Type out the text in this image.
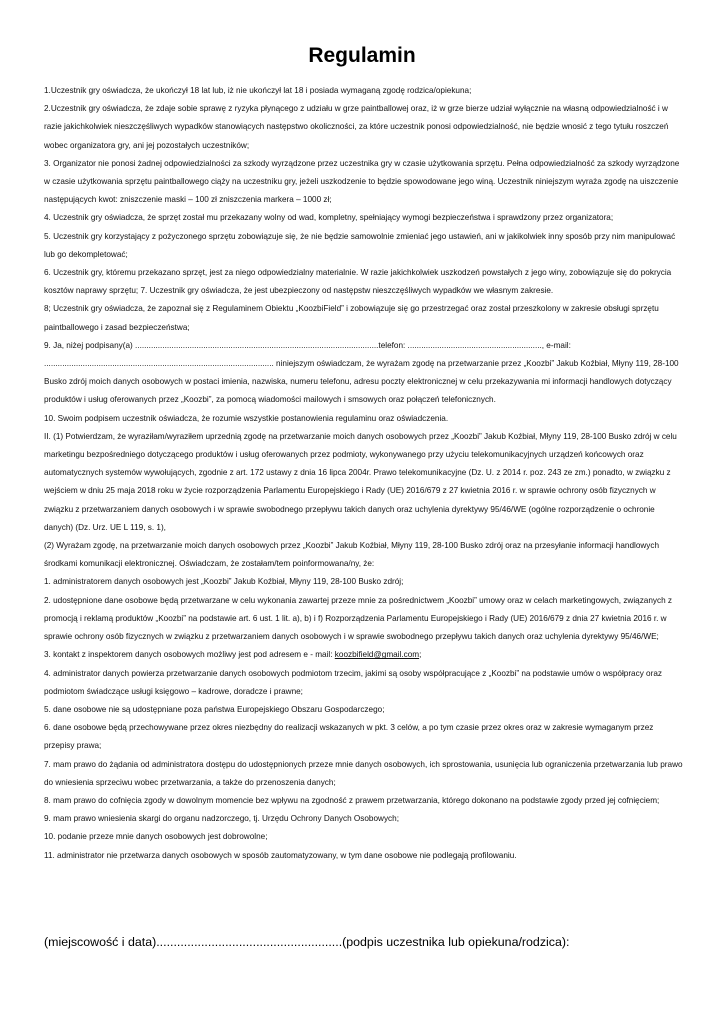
Regulamin

1.Uczestnik gry oświadcza, że ukończył 18 lat lub, iż nie ukończył lat 18 i posiada wymaganą zgodę rodzica/opiekuna;

2.Uczestnik gry oświadcza, że zdaje sobie sprawę z ryzyka płynącego z udziału w grze paintballowej oraz, iż w grze bierze udział wyłącznie na własną odpowiedzialność i w razie jakichkolwiek nieszczęśliwych wypadków stanowiących następstwo okoliczności, za które uczestnik ponosi odpowiedzialność, nie będzie wnosić z tego tytułu roszczeń wobec organizatora gry, ani jej pozostałych uczestników;

3. Organizator nie ponosi żadnej odpowiedzialności za szkody wyrządzone przez uczestnika gry w czasie użytkowania sprzętu. Pełna odpowiedzialność za szkody wyrządzone w czasie użytkowania sprzętu paintballowego ciąży na uczestniku gry, jeżeli uszkodzenie to będzie spowodowane jego winą. Uczestnik niniejszym wyraża zgodę na uiszczenie następujących kwot: zniszczenie maski – 100 zł zniszczenia markera – 1000 zł;

4. Uczestnik gry oświadcza, że sprzęt został mu przekazany wolny od wad, kompletny, spełniający wymogi bezpieczeństwa i sprawdzony przez organizatora;

5. Uczestnik gry korzystający z pożyczonego sprzętu zobowiązuje się, że nie będzie samowolnie zmieniać jego ustawień, ani w jakikolwiek inny sposób przy nim manipulować lub go dekompletować;

6. Uczestnik gry, któremu przekazano sprzęt, jest za niego odpowiedzialny materialnie. W razie jakichkolwiek uszkodzeń powstałych z jego winy, zobowiązuje się do pokrycia kosztów naprawy sprzętu; 7. Uczestnik gry oświadcza, że jest ubezpieczony od następstw nieszczęśliwych wypadków we własnym zakresie.

8; Uczestnik gry oświadcza, że zapoznał się z Regulaminem Obiektu „KoozbiField” i zobowiązuje się go przestrzegać oraz został przeszkolony w zakresie obsługi sprzętu paintballowego i zasad bezpieczeństwa;

9. Ja, niżej podpisany(a) ...........................................................................................................telefon: ..........................................................., e-mail: ..................................................................................................... niniejszym oświadczam, że wyrażam zgodę na przetwarzanie przez „Koozbi” Jakub Koźbiał, Młyny 119, 28-100 Busko zdrój moich danych osobowych w postaci imienia, nazwiska, numeru telefonu, adresu poczty elektronicznej w celu przekazywania mi informacji handlowych dotyczący produktów i usług oferowanych przez „Koozbi”, za pomocą wiadomości mailowych i smsowych oraz połączeń telefonicznych.

10. Swoim podpisem uczestnik oświadcza, że rozumie wszystkie postanowienia regulaminu oraz oświadczenia.

II. (1) Potwierdzam, że wyraziłam/wyraziłem uprzednią zgodę na przetwarzanie moich danych osobowych przez „Koozbi” Jakub Koźbiał, Młyny 119, 28-100 Busko zdrój w celu marketingu bezpośredniego dotyczącego produktów i usług oferowanych przez podmioty, wykonywanego przy użyciu telekomunikacyjnych urządzeń końcowych oraz automatycznych systemów wywołujących, zgodnie z art. 172 ustawy z dnia 16 lipca 2004r. Prawo telekomunikacyjne (Dz. U. z 2014 r. poz. 243 ze zm.) ponadto, w związku z wejściem w dniu 25 maja 2018 roku w życie rozporządzenia Parlamentu Europejskiego i Rady (UE) 2016/679 z 27 kwietnia 2016 r. w sprawie ochrony osób fizycznych w związku z przetwarzaniem danych osobowych i w sprawie swobodnego przepływu takich danych oraz uchylenia dyrektywy 95/46/WE (ogólne rozporządzenie o ochronie danych) (Dz. Urz. UE L 119, s. 1),

(2) Wyrażam zgodę, na przetwarzanie moich danych osobowych przez „Koozbi” Jakub Koźbiał, Młyny 119, 28-100 Busko zdrój oraz na przesyłanie informacji handlowych środkami komunikacji elektronicznej. Oświadczam, że zostałam/tem poinformowana/ny, że:

1. administratorem danych osobowych jest „Koozbi” Jakub Koźbiał, Młyny 119, 28-100 Busko zdrój;

2. udostępnione dane osobowe będą przetwarzane w celu wykonania zawartej przeze mnie za pośrednictwem „Koozbi” umowy oraz w celach marketingowych, związanych z promocją i reklamą produktów „Koozbi” na podstawie art. 6 ust. 1 lit. a), b) i f) Rozporządzenia Parlamentu Europejskiego i Rady (UE) 2016/679 z dnia 27 kwietnia 2016 r. w sprawie ochrony osób fizycznych w związku z przetwarzaniem danych osobowych i w sprawie swobodnego przepływu takich danych oraz uchylenia dyrektywy 95/46/WE;

3. kontakt z inspektorem danych osobowych możliwy jest pod adresem e - mail: koozbifield@gmail.com;

4. administrator danych powierza przetwarzanie danych osobowych podmiotom trzecim, jakimi są osoby współpracujące z „Koozbi” na podstawie umów o współpracy oraz podmiotom świadczące usługi księgowo – kadrowe, doradcze i prawne;

5. dane osobowe nie są udostępniane poza państwa Europejskiego Obszaru Gospodarczego;

6. dane osobowe będą przechowywane przez okres niezbędny do realizacji wskazanych w pkt. 3 celów, a po tym czasie przez okres oraz w zakresie wymaganym przez przepisy prawa;

7. mam prawo do żądania od administratora dostępu do udostępnionych przeze mnie danych osobowych, ich sprostowania, usunięcia lub ograniczenia przetwarzania lub prawo do wniesienia sprzeciwu wobec przetwarzania, a także do przenoszenia danych;

8. mam prawo do cofnięcia zgody w dowolnym momencie bez wpływu na zgodność z prawem przetwarzania, którego dokonano na podstawie zgody przed jej cofnięciem;

9. mam prawo wniesienia skargi do organu nadzorczego, tj. Urzędu Ochrony Danych Osobowych;

10. podanie przeze mnie danych osobowych jest dobrowolne;

11. administrator nie przetwarza danych osobowych w sposób zautomatyzowany, w tym dane osobowe nie podlegają profilowaniu.

(miejscowość i data)......................................................(podpis uczestnika lub opiekuna/rodzica):
